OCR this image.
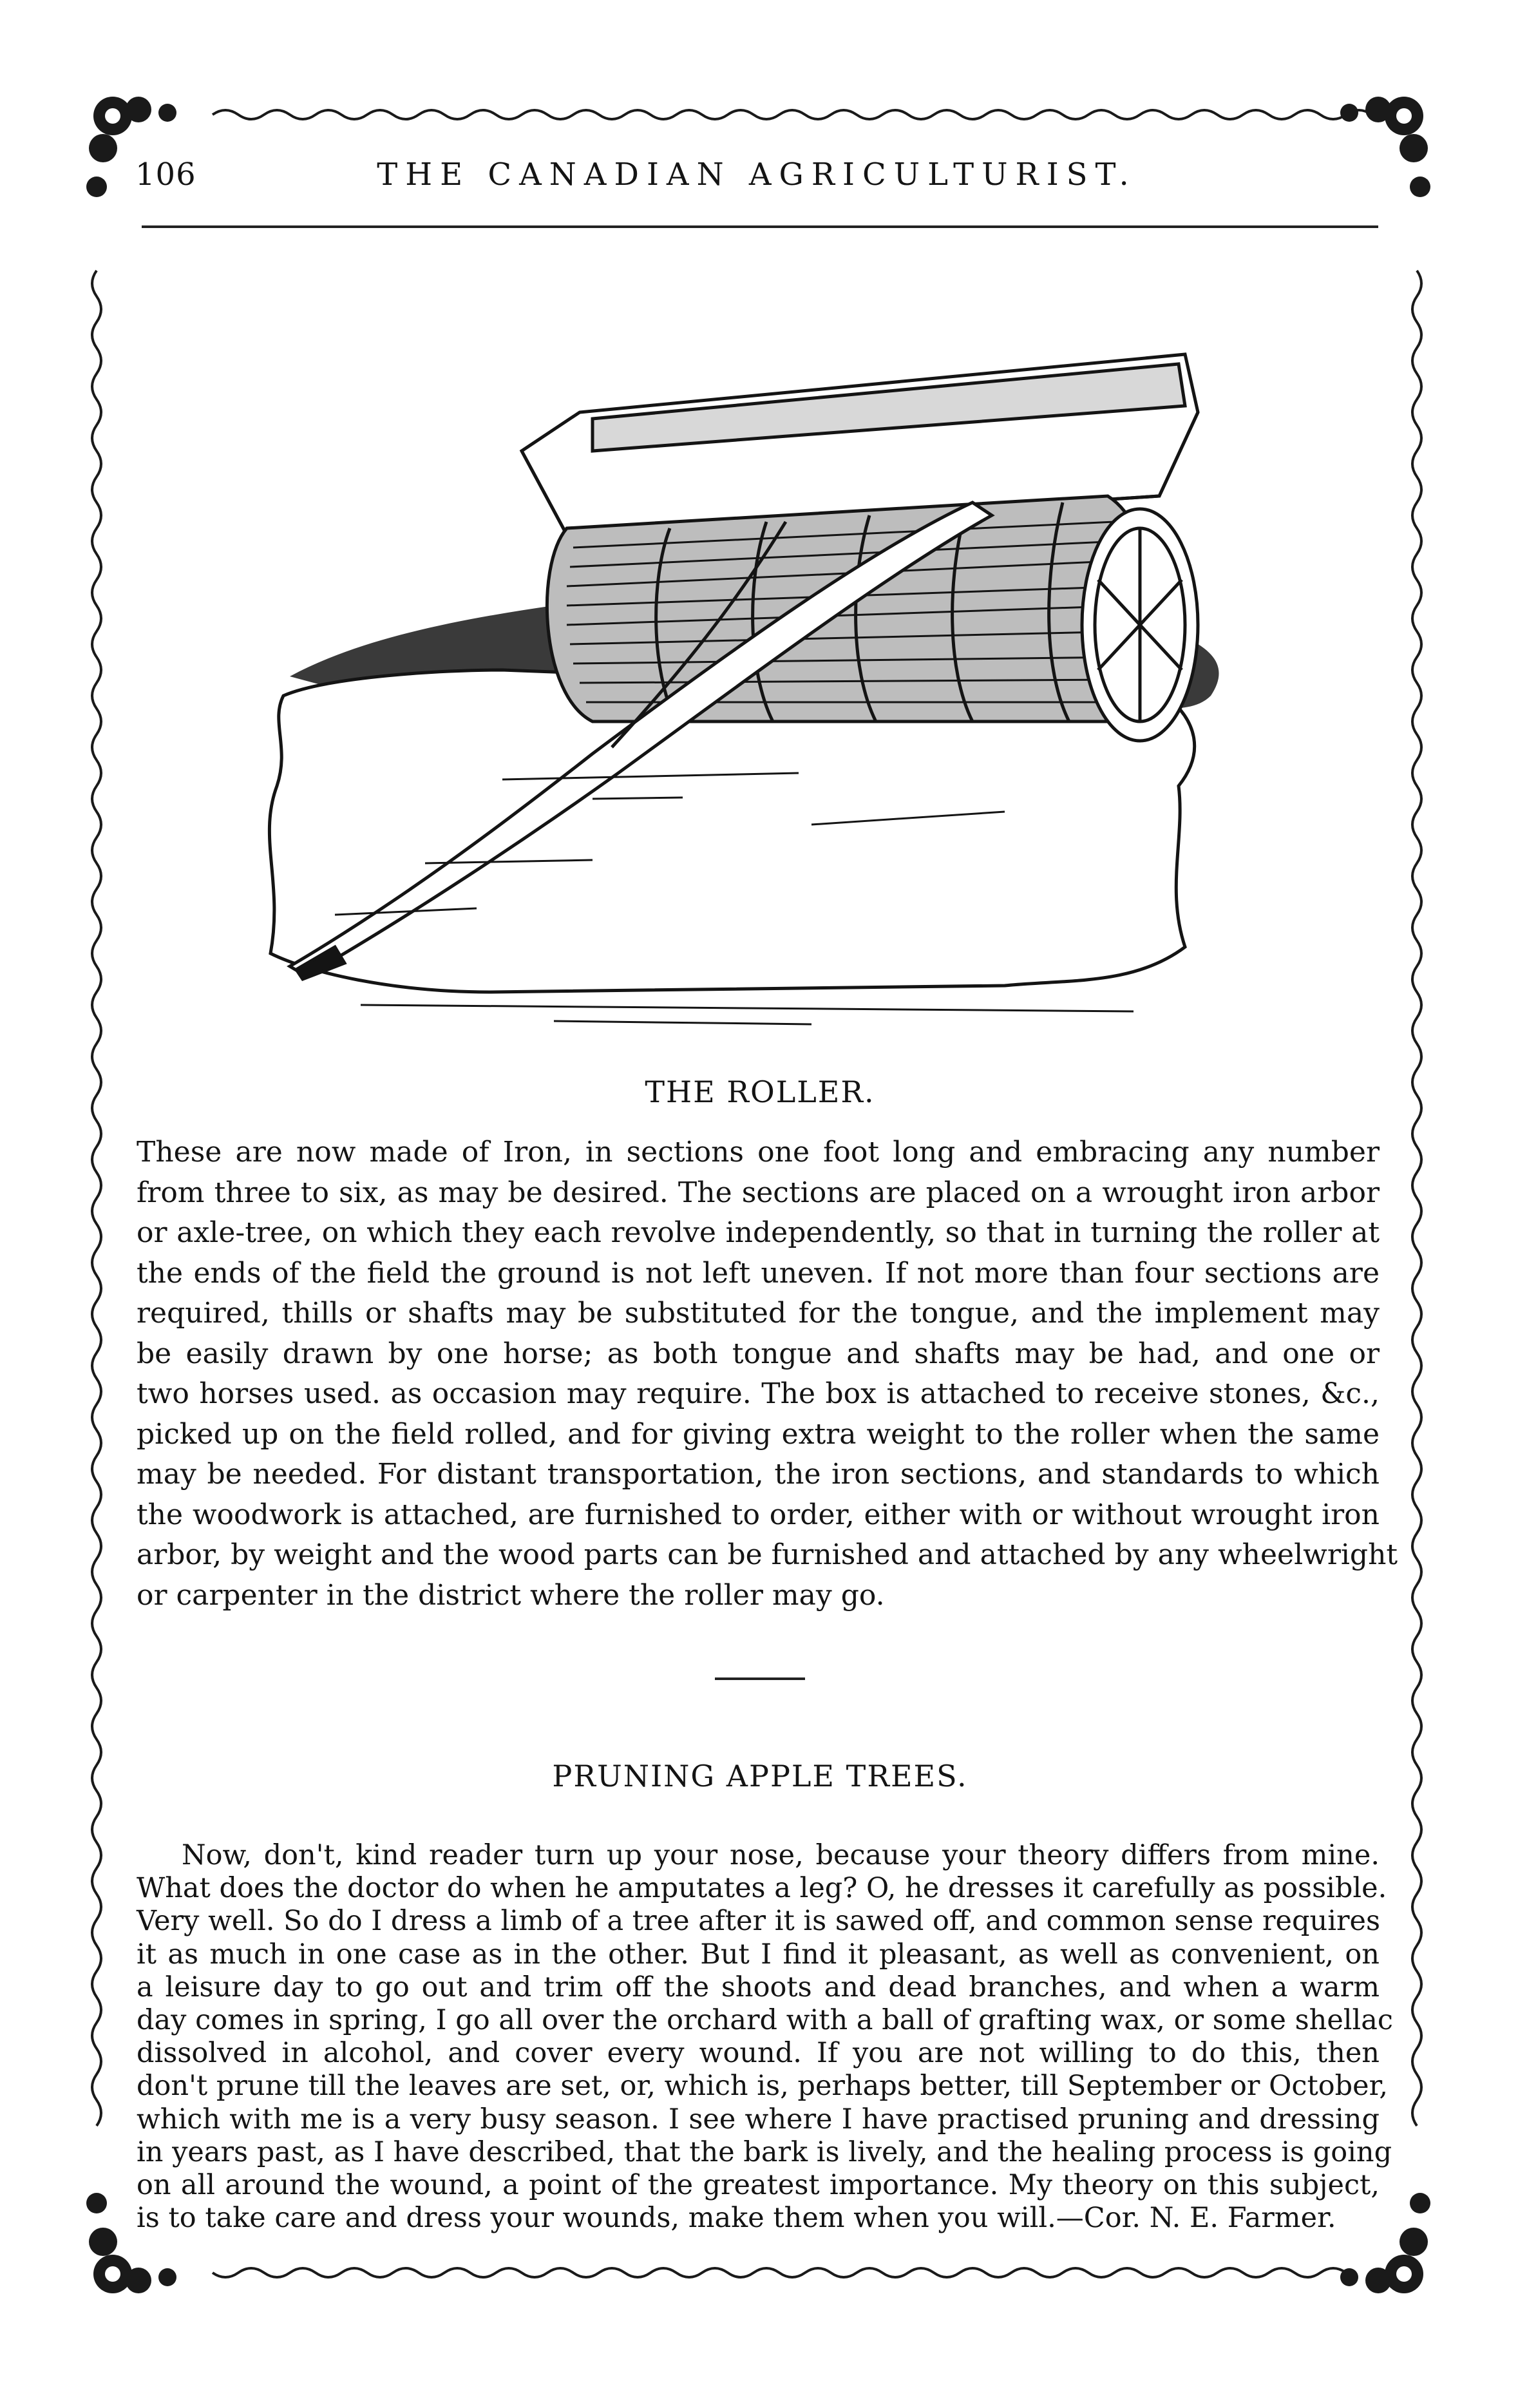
106	THE CANADIAN AGRICULTURIST.
THE ROLLER.
These are now made of Iron, in sections one foot long and embracing any number
from three to six, as may be desired. The sections are placed on a wrought iron arbor
or axle-tree, on which they each revolve independently, so that in turning the roller at
the ends of the field the ground is not left uneven. If not more than four sections are
required, thills or shafts may be substituted for the tongue, and the implement may
be easily drawn by one horse; as both tongue and shafts may be had, and one or
two horses used. as occasion may require. The box is attached to receive stones, &c.,
picked up on the field rolled, and for giving extra weight to the roller when the same
may be needed. For distant transportation, the iron sections, and standards to which
the woodwork is attached, are furnished to order, either with or without wrought iron
arbor, by weight and the wood parts can be furnished and attached by any wheelwright
or carpenter in the district where the roller may go.
PRUNING APPLE TREES.
Now, don't, kind reader turn up your nose, because your theory differs from mine.
What does the doctor do when he amputates a leg? O, he dresses it carefully as possible.
Very well. So do I dress a limb of a tree after it is sawed off, and common sense requires
it as much in one case as in the other. But I find it pleasant, as well as convenient, on
a leisure day to go out and trim off the shoots and dead branches, and when a warm
day comes in spring, I go all over the orchard with a ball of grafting wax, or some shellac
dissolved in alcohol, and cover every wound. If you are not willing to do this, then
don't prune till the leaves are set, or, which is, perhaps better, till September or October,
which with me is a very busy season. I see where I have practised pruning and dressing
in years past, as I have described, that the bark is lively, and the healing process is going
on all around the wound, a point of the greatest importance. My theory on this subject,
is to take care and dress your wounds, make them when you will.—Cor. N. E. Farmer.
